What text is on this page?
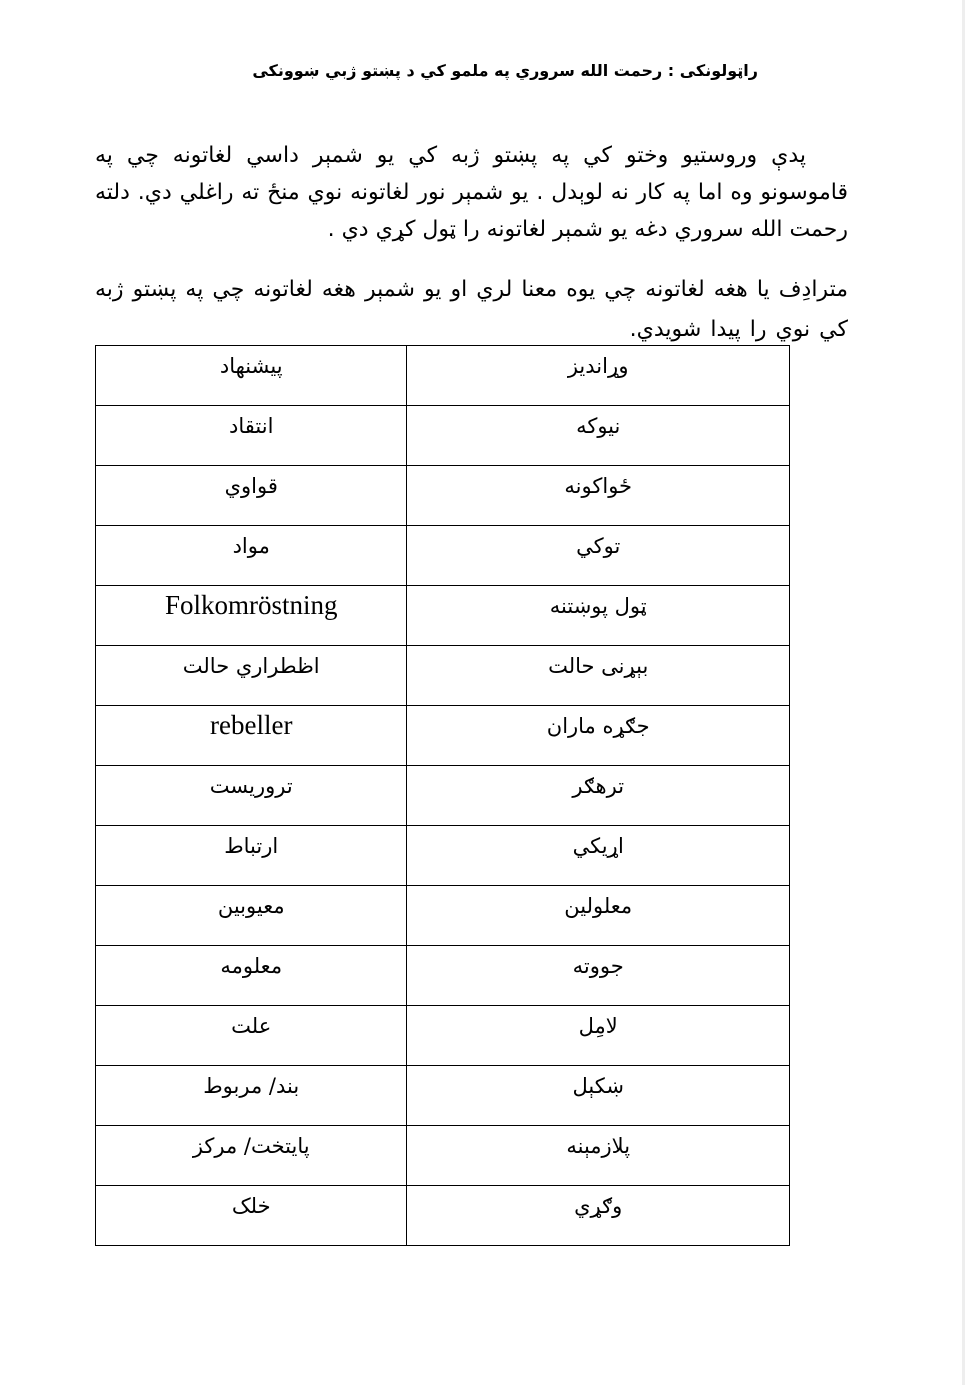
راټولونکی : رحمت الله سروري په ملمو کي د پښتو ژبي ښوونکی

پدې وروستیو وختو کي په پښتو ژبه کي یو شمېر داسي لغاتونه چي په قاموسونو وه اما په کار نه لوېدل . یو شمېر نور لغاتونه نوي منځ ته راغلي دي. دلته رحمت الله سروري دغه یو شمېر لغاتونه را ټول کړي دي .

مترادِف یا هغه لغاتونه چي یوه معنا لري او یو شمېر هغه لغاتونه چي په پښتو ژبه کي نوي را پیدا شویدي.

پیشنهاد	وړاندیز
انتقاد	نیوکه
قواوي	ځواکونه
مواد	توکي
Folkomröstning	ټول پوښتنه
اظطراري حالت	بېړنی حالت
rebeller	جګړه ماران
تروریست	ترهګر
ارتباط	اړیکي
معیوبین	معلولین
معلومه	جووته
علت	لامِل
بند/ مربوط	ښکېل
پایتخت/ مرکز	پلازمېنه
خلک	وګړي
